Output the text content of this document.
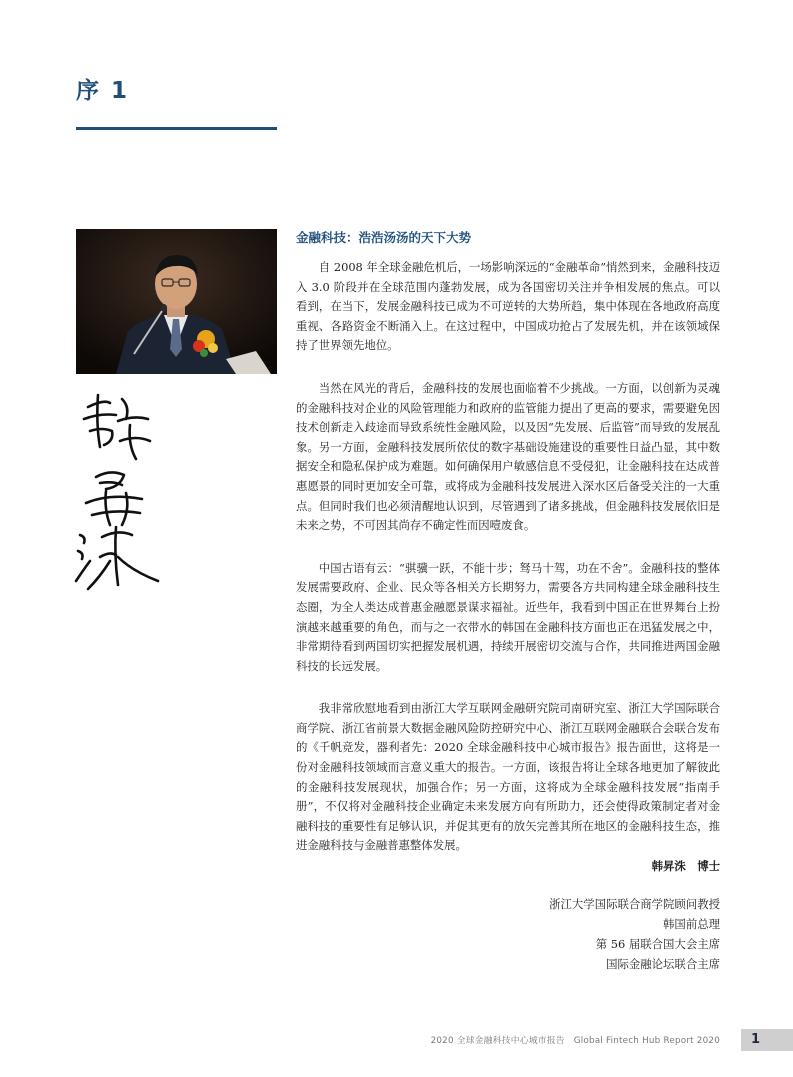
序 1
金融科技：浩浩汤汤的天下大势

自 2008 年全球金融危机后，一场影响深远的“金融革命”悄然到来，金融科技迈入 3.0 阶段并在全球范围内蓬勃发展，成为各国密切关注并争相发展的焦点。可以看到，在当下，发展金融科技已成为不可逆转的大势所趋，集中体现在各地政府高度重视、各路资金不断涌入上。在这过程中，中国成功抢占了发展先机，并在该领域保持了世界领先地位。

当然在风光的背后，金融科技的发展也面临着不少挑战。一方面，以创新为灵魂的金融科技对企业的风险管理能力和政府的监管能力提出了更高的要求，需要避免因技术创新走入歧途而导致系统性金融风险，以及因“先发展、后监管”而导致的发展乱象。另一方面，金融科技发展所依仗的数字基础设施建设的重要性日益凸显，其中数据安全和隐私保护成为难题。如何确保用户敏感信息不受侵犯，让金融科技在达成普惠愿景的同时更加安全可靠，或将成为金融科技发展进入深水区后备受关注的一大重点。但同时我们也必须清醒地认识到，尽管遇到了诸多挑战，但金融科技发展依旧是未来之势，不可因其尚存不确定性而因噎废食。

中国古语有云：“骐骥一跃，不能十步；驽马十驾，功在不舍”。金融科技的整体发展需要政府、企业、民众等各相关方长期努力，需要各方共同构建全球金融科技生态圈，为全人类达成普惠金融愿景谋求福祉。近些年，我看到中国正在世界舞台上扮演越来越重要的角色，而与之一衣带水的韩国在金融科技方面也正在迅猛发展之中，非常期待看到两国切实把握发展机遇，持续开展密切交流与合作，共同推进两国金融科技的长远发展。

我非常欣慰地看到由浙江大学互联网金融研究院司南研究室、浙江大学国际联合商学院、浙江省前景大数据金融风险防控研究中心、浙江互联网金融联合会联合发布的《千帆竞发，器利者先：2020 全球金融科技中心城市报告》报告面世，这将是一份对金融科技领域而言意义重大的报告。一方面，该报告将让全球各地更加了解彼此的金融科技发展现状，加强合作；另一方面，这将成为全球金融科技发展“指南手册”，不仅将对金融科技企业确定未来发展方向有所助力，还会使得政策制定者对金融科技的重要性有足够认识，并促其更有的放矢完善其所在地区的金融科技生态，推进金融科技与金融普惠整体发展。

韩昇洙　博士
浙江大学国际联合商学院顾问教授
韩国前总理
第 56 届联合国大会主席
国际金融论坛联合主席
2020 全球金融科技中心城市报告   Global Fintech Hub Report 2020	1
